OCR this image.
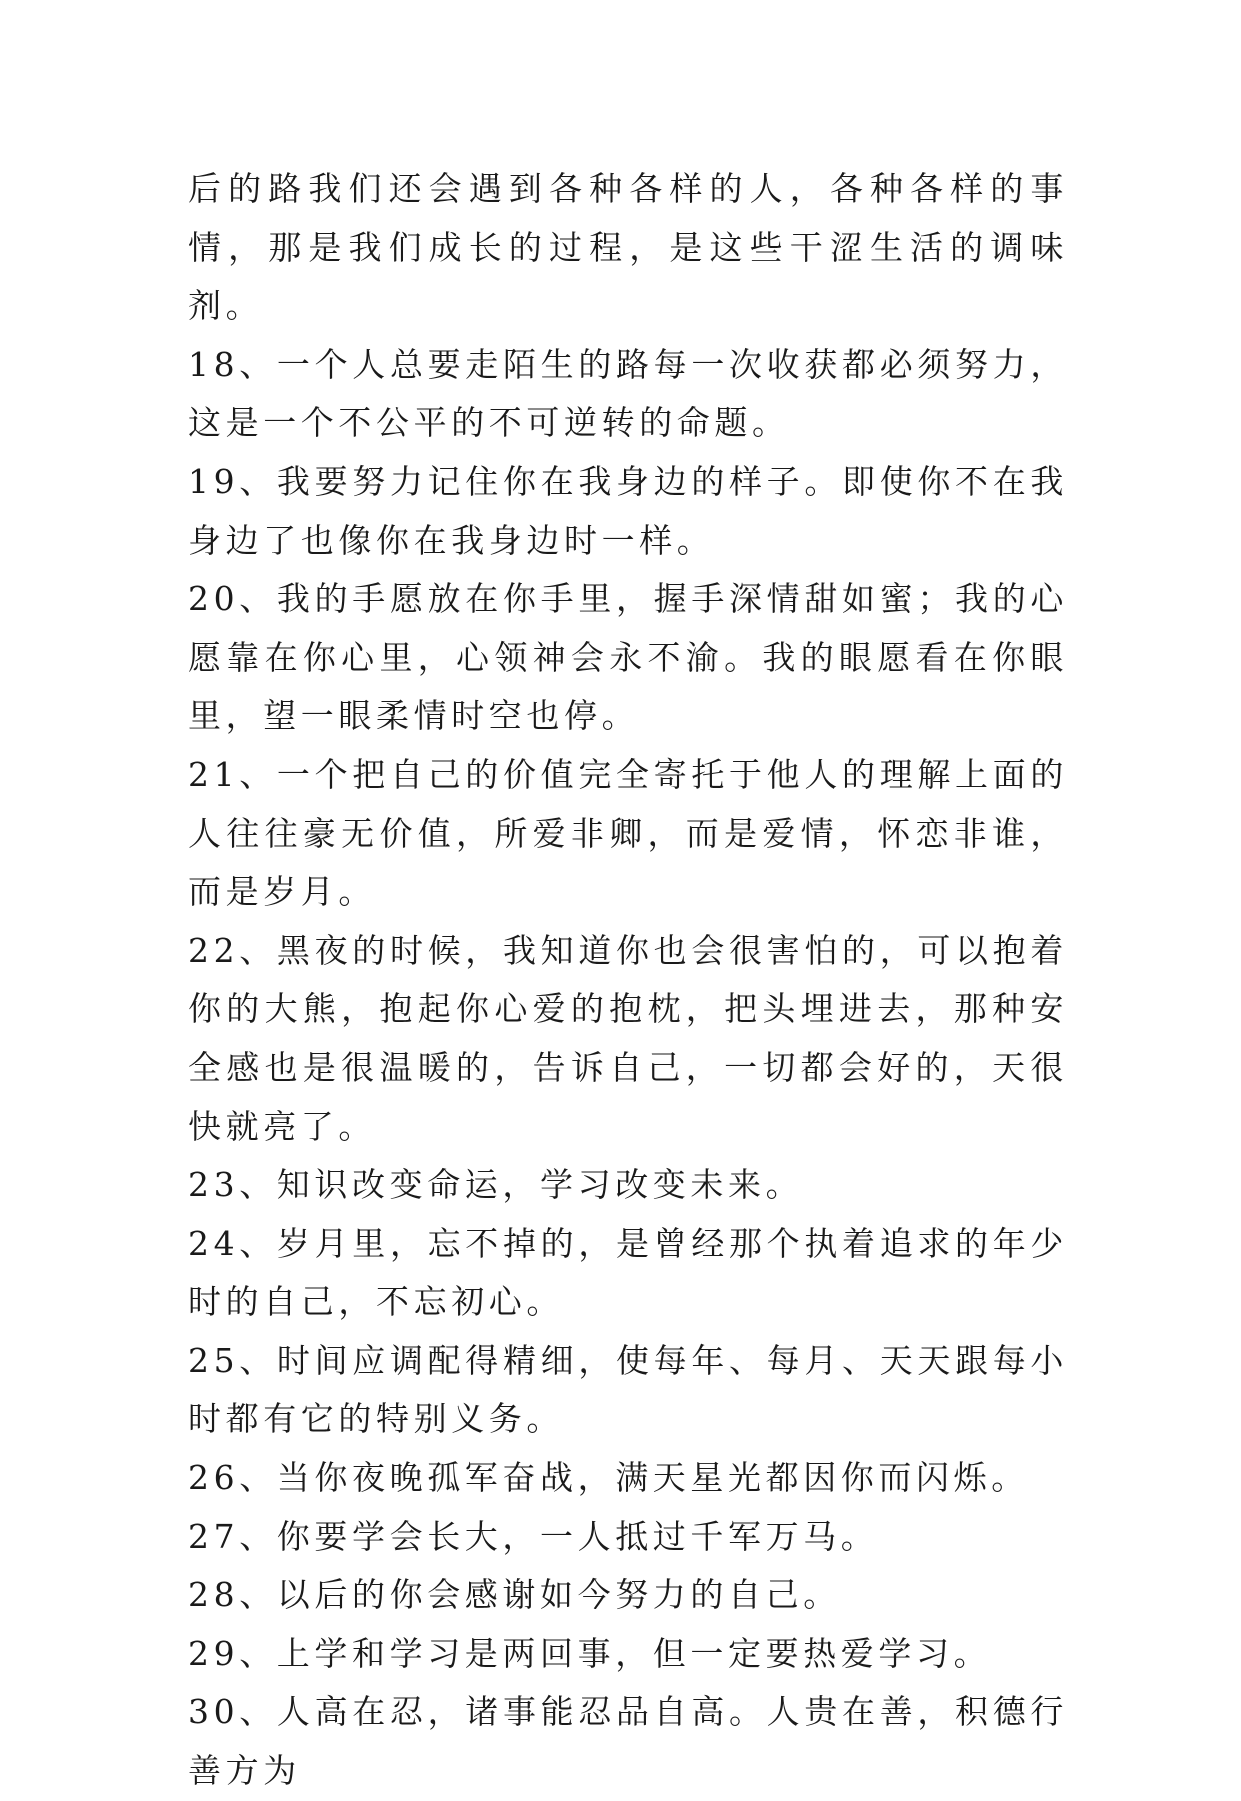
后的路我们还会遇到各种各样的人，各种各样的事情，那是我们成长的过程，是这些干涩生活的调味剂。

18、一个人总要走陌生的路每一次收获都必须努力，这是一个不公平的不可逆转的命题。

19、我要努力记住你在我身边的样子。即使你不在我身边了也像你在我身边时一样。

20、我的手愿放在你手里，握手深情甜如蜜；我的心愿靠在你心里，心领神会永不渝。我的眼愿看在你眼里，望一眼柔情时空也停。

21、一个把自己的价值完全寄托于他人的理解上面的人往往豪无价值，所爱非卿，而是爱情，怀恋非谁，而是岁月。

22、黑夜的时候，我知道你也会很害怕的，可以抱着你的大熊，抱起你心爱的抱枕，把头埋进去，那种安全感也是很温暖的，告诉自己，一切都会好的，天很快就亮了。

23、知识改变命运，学习改变未来。

24、岁月里，忘不掉的，是曾经那个执着追求的年少时的自己，不忘初心。

25、时间应调配得精细，使每年、每月、天天跟每小时都有它的特别义务。

26、当你夜晚孤军奋战，满天星光都因你而闪烁。

27、你要学会长大，一人抵过千军万马。

28、以后的你会感谢如今努力的自己。

29、上学和学习是两回事，但一定要热爱学习。

30、人高在忍，诸事能忍品自高。人贵在善，积德行善方为
